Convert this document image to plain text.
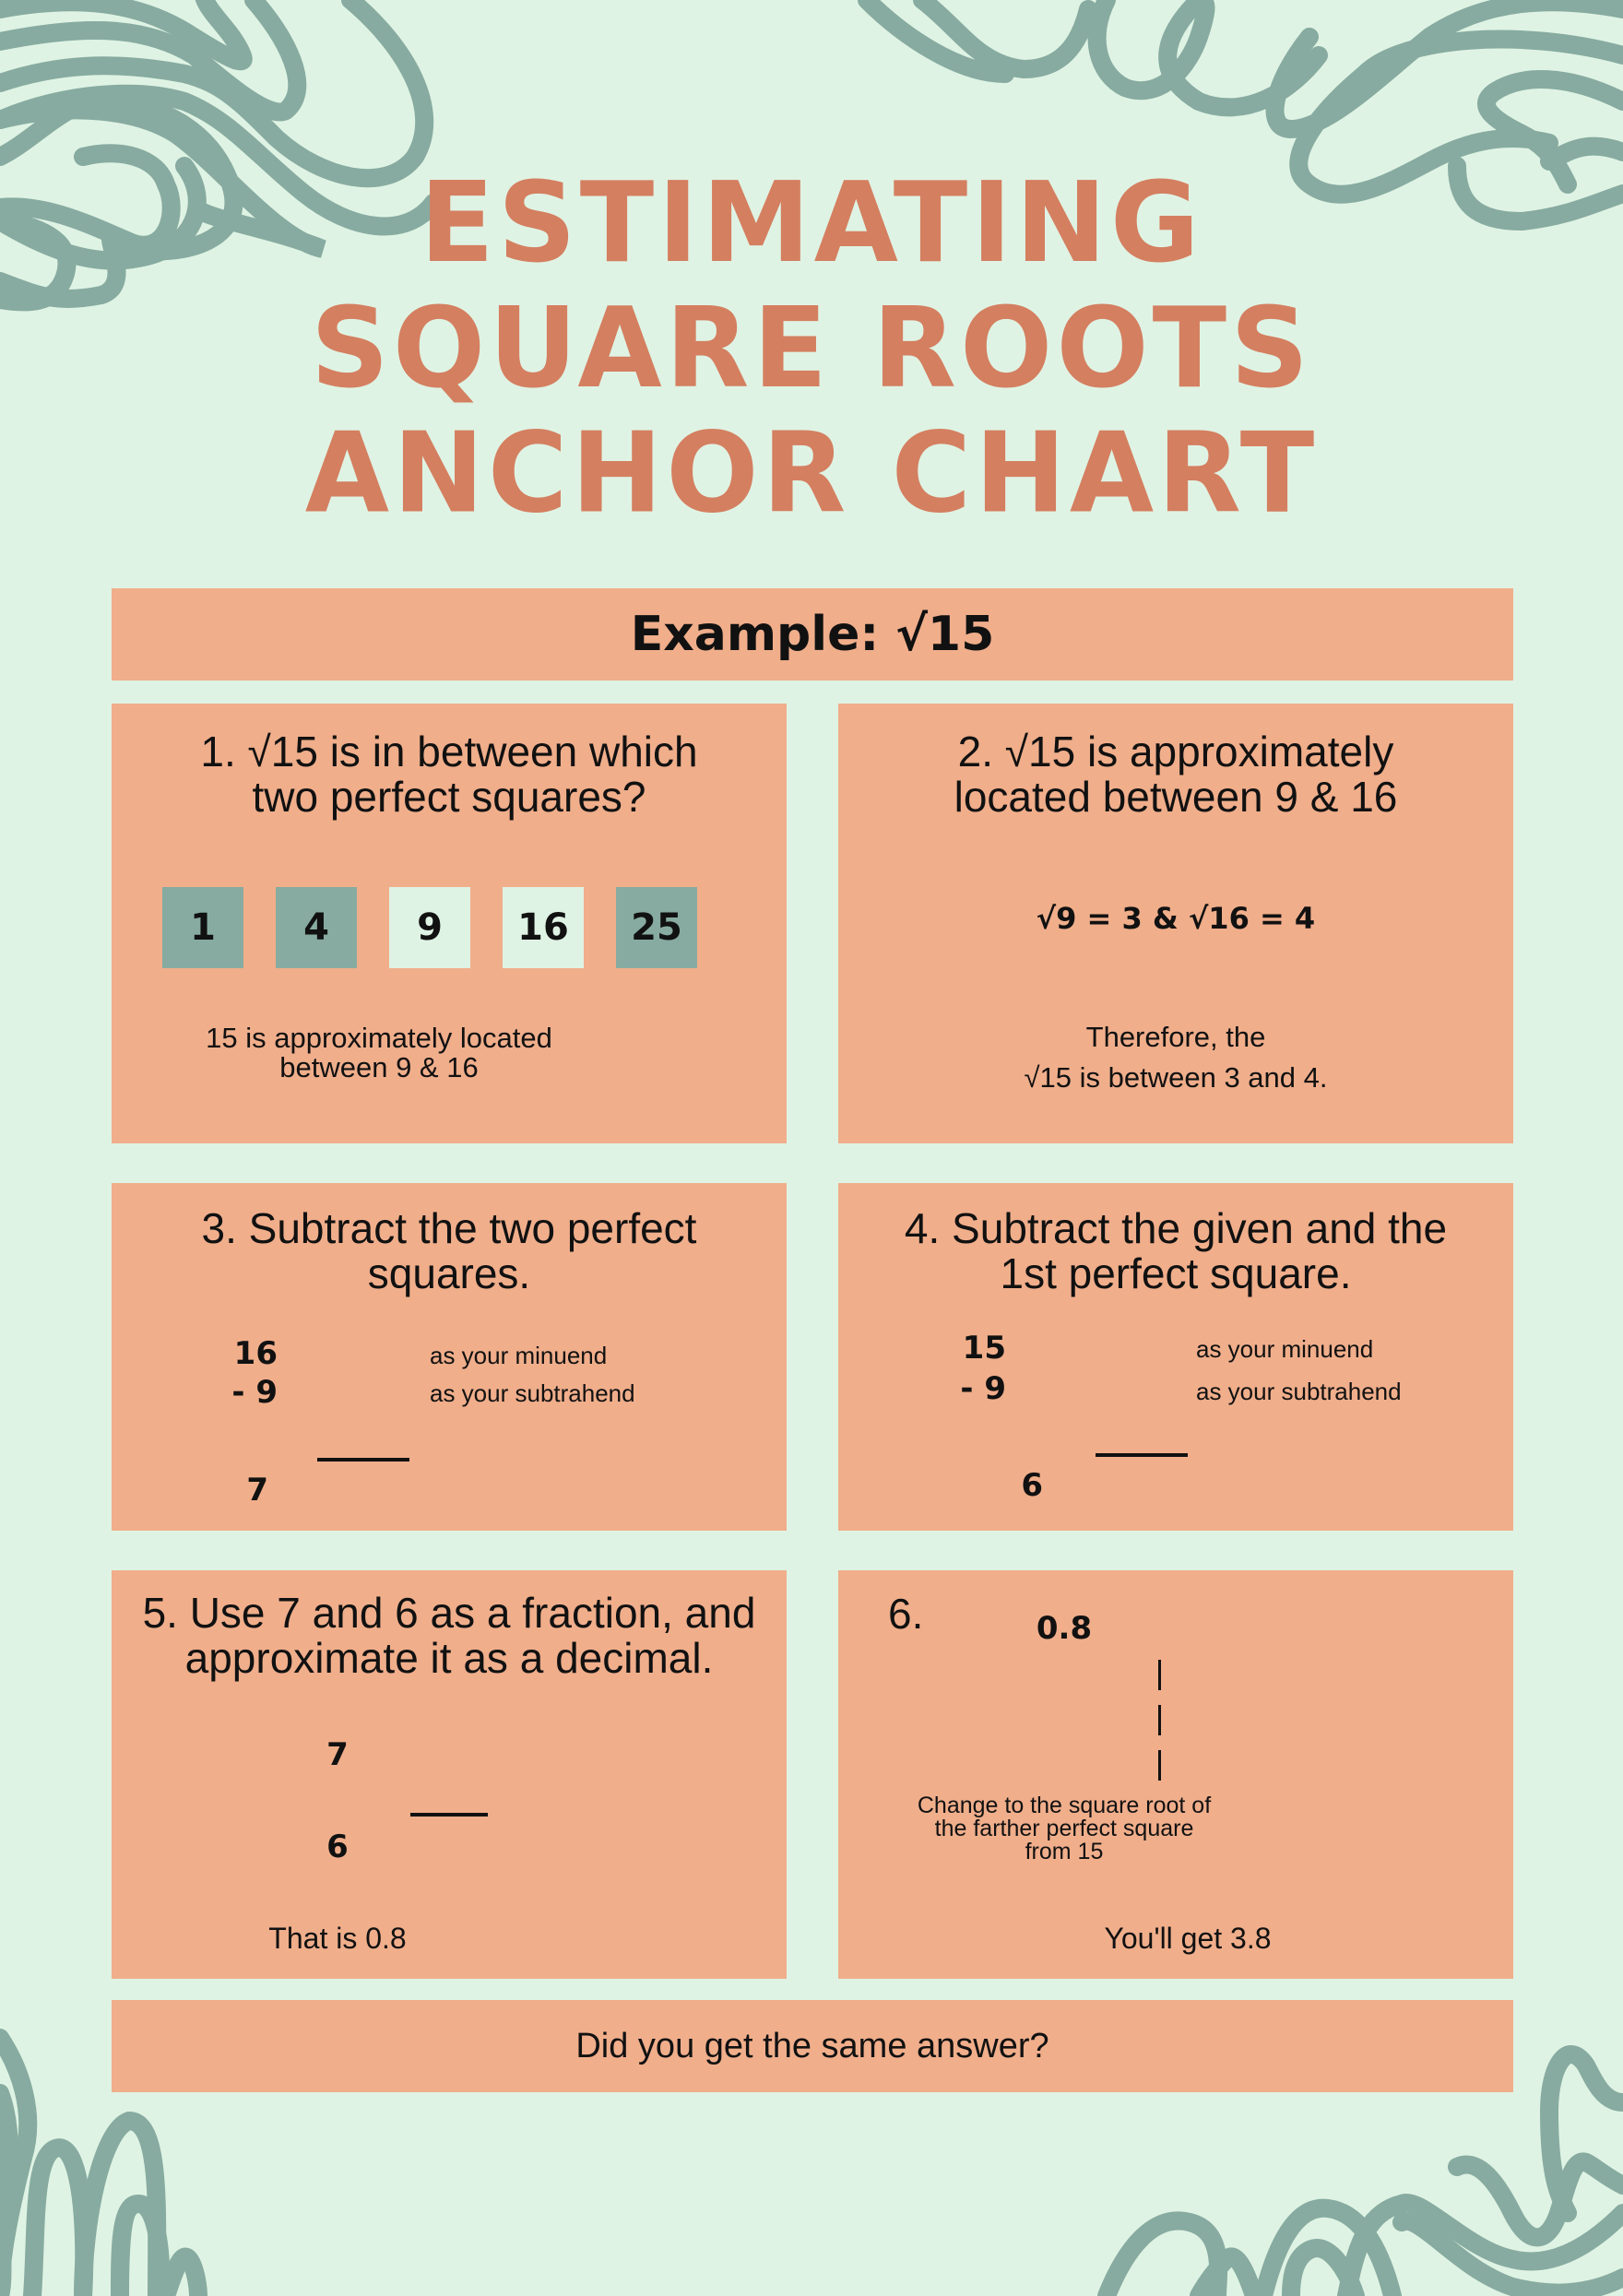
ESTIMATING
SQUARE ROOTS
ANCHOR CHART
Example: √15
1. √15 is in between which
two perfect squares?
1	4	9	16	25
15 is approximately located
between 9 & 16
2. √15 is approximately
located between 9 & 16
√9 = 3 & √16 = 4
Therefore, the
√15 is between 3 and 4.
3. Subtract the two perfect
squares.
16	as your minuend
- 9	as your subtrahend
7
4. Subtract the given and the
1st perfect square.
15	as your minuend
- 9	as your subtrahend
6
5. Use 7 and 6 as a fraction, and
approximate it as a decimal.
7
6
That is 0.8
6.	0.8
Change to the square root of
the farther perfect square
from 15
You'll get 3.8
Did you get the same answer?
